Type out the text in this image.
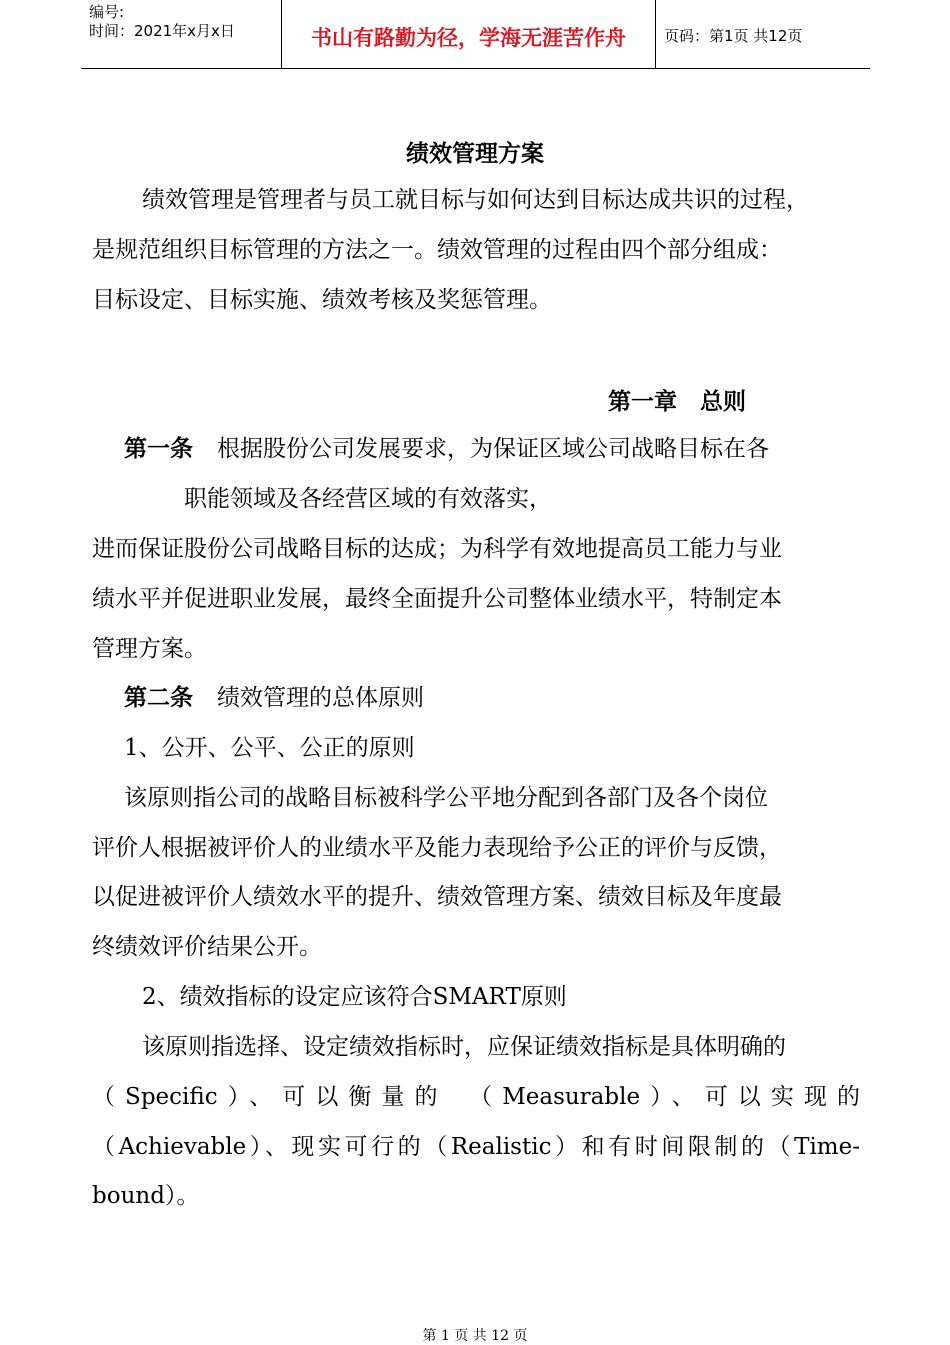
编号:
时间：2021年x月x日	书山有路勤为径，学海无涯苦作舟	页码：第1页 共12页
绩效管理方案
绩效管理是管理者与员工就目标与如何达到目标达成共识的过程，
是规范组织目标管理的方法之一。绩效管理的过程由四个部分组成：
目标设定、目标实施、绩效考核及奖惩管理。
第一章　总则
第一条 根据股份公司发展要求，为保证区域公司战略目标在各
职能领域及各经营区域的有效落实，
进而保证股份公司战略目标的达成；为科学有效地提高员工能力与业
绩水平并促进职业发展，最终全面提升公司整体业绩水平，特制定本
管理方案。
第二条 绩效管理的总体原则
1、公开、公平、公正的原则
该原则指公司的战略目标被科学公平地分配到各部门及各个岗位
评价人根据被评价人的业绩水平及能力表现给予公正的评价与反馈，
以促进被评价人绩效水平的提升、绩效管理方案、绩效目标及年度最
终绩效评价结果公开。
2、绩效指标的设定应该符合SMART原则
该原则指选择、设定绩效指标时，应保证绩效指标是具体明确的
（Specific）、可以衡量的　（Measurable）、可以实现的
（Achievable）、现实可行的（Realistic）和有时间限制的（Time-
bound）。
第 1 页 共 12 页
